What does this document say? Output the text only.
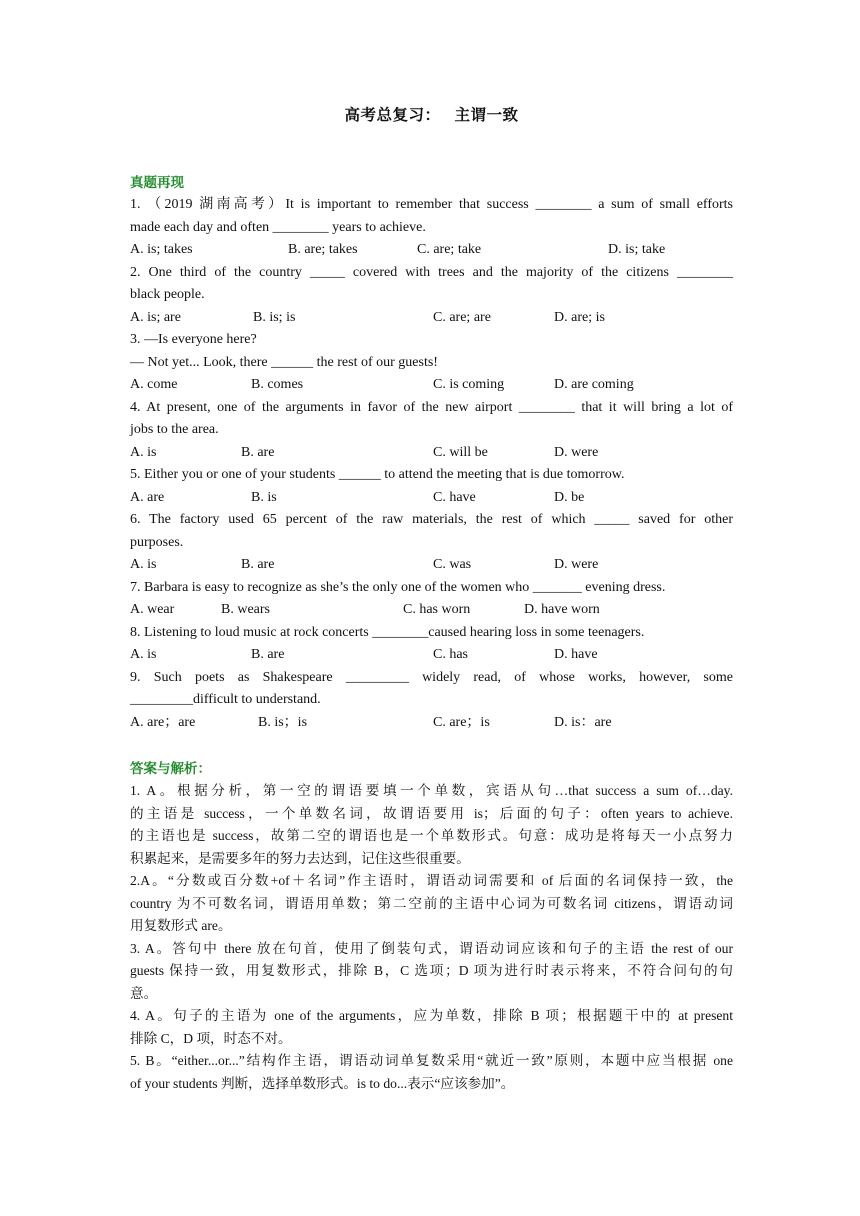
高考总复习： 主谓一致
真题再现
1. （2019 湖南高考）It is important to remember that success ________ a sum of small efforts
made each day and often ________ years to achieve.
A. is; takes	B. are; takes	C. are; take	D. is; take
2. One third of the country _____ covered with trees and the majority of the citizens ________
black people.
A. is; are	B. is; is	C. are; are	D. are; is
3. —Is everyone here?
— Not yet... Look, there ______ the rest of our guests!
A. come	B. comes	C. is coming	D. are coming
4. At present, one of the arguments in favor of the new airport ________ that it will bring a lot of
jobs to the area.
A. is	B. are	C. will be	D. were
5. Either you or one of your students ______ to attend the meeting that is due tomorrow.
A. are	B. is	C. have	D. be
6. The factory used 65 percent of the raw materials, the rest of which _____ saved for other
purposes.
A. is	B. are	C. was	D. were
7. Barbara is easy to recognize as she’s the only one of the women who _______ evening dress.
A. wear	B. wears	C. has worn	D. have worn
8. Listening to loud music at rock concerts ________caused hearing loss in some teenagers.
A. is	B. are	C. has	D. have
9. Such poets as Shakespeare _________ widely read, of whose works, however, some
_________difficult to understand.
A. are；are	B. is；is	C. are；is	D. is：are
答案与解析：
1. A。根据分析，第一空的谓语要填一个单数，宾语从句…that success a sum of…day.
的主语是 success，一个单数名词，故谓语要用 is；后面的句子：often years to achieve.
的主语也是 success，故第二空的谓语也是一个单数形式。句意：成功是将每天一小点努力
积累起来，是需要多年的努力去达到，记住这些很重要。
2.A。“分数或百分数+of＋名词”作主语时，谓语动词需要和 of 后面的名词保持一致，the
country 为不可数名词，谓语用单数；第二空前的主语中心词为可数名词 citizens，谓语动词
用复数形式 are。
3. A。答句中 there 放在句首，使用了倒装句式，谓语动词应该和句子的主语 the rest of our
guests 保持一致，用复数形式，排除 B，C 选项；D 项为进行时表示将来，不符合问句的句
意。
4. A。句子的主语为 one of the arguments，应为单数，排除 B 项；根据题干中的 at present
排除 C，D 项，时态不对。
5. B。“either...or...”结构作主语，谓语动词单复数采用“就近一致”原则，本题中应当根据 one
of your students 判断，选择单数形式。is to do...表示“应该参加”。
